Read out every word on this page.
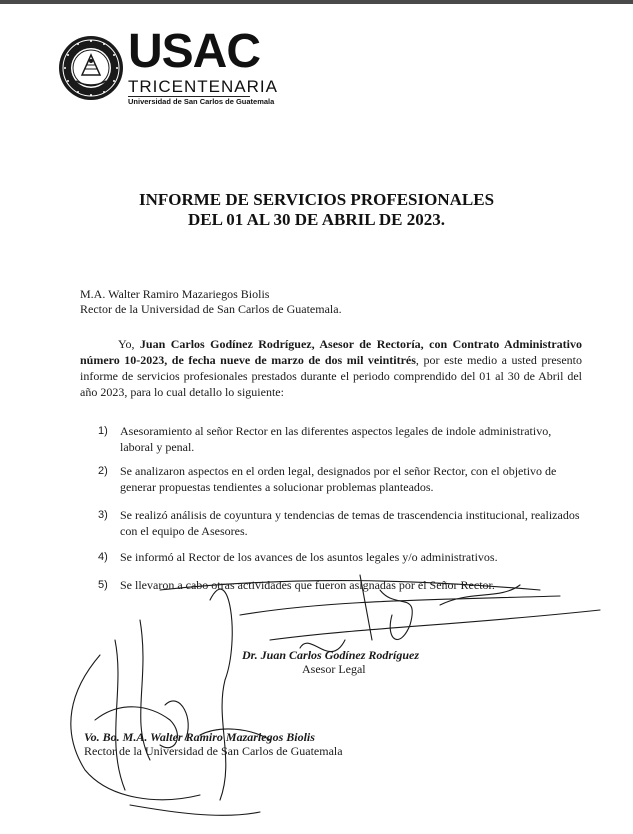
USAC
TRICENTENARIA
Universidad de San Carlos de Guatemala
INFORME DE SERVICIOS PROFESIONALES
DEL 01 AL 30 DE ABRIL DE 2023.
M.A. Walter Ramiro Mazariegos Biolis
Rector de la Universidad de San Carlos de Guatemala.
Yo, Juan Carlos Godínez Rodríguez, Asesor de Rectoría, con Contrato Administrativo número 10-2023, de fecha nueve de marzo de dos mil veintitrés, por este medio a usted presento informe de servicios profesionales prestados durante el periodo comprendido del 01 al 30 de Abril del año 2023, para lo cual detallo lo siguiente:
1) Asesoramiento al señor Rector en las diferentes aspectos legales de indole administrativo, laboral y penal.
2) Se analizaron aspectos en el orden legal, designados por el señor Rector, con el objetivo de generar propuestas tendientes a solucionar problemas planteados.
3) Se realizó análisis de coyuntura y tendencias de temas de trascendencia institucional, realizados con el equipo de Asesores.
4) Se informó al Rector de los avances de los asuntos legales y/o administrativos.
5) Se llevaron a cabo otras actividades que fueron asignadas por el Señor Rector.
Dr. Juan Carlos Godínez Rodríguez
Asesor Legal
Vo. Bo. M.A. Walter Ramiro Mazariegos Biolis
Rector de la Universidad de San Carlos de Guatemala
